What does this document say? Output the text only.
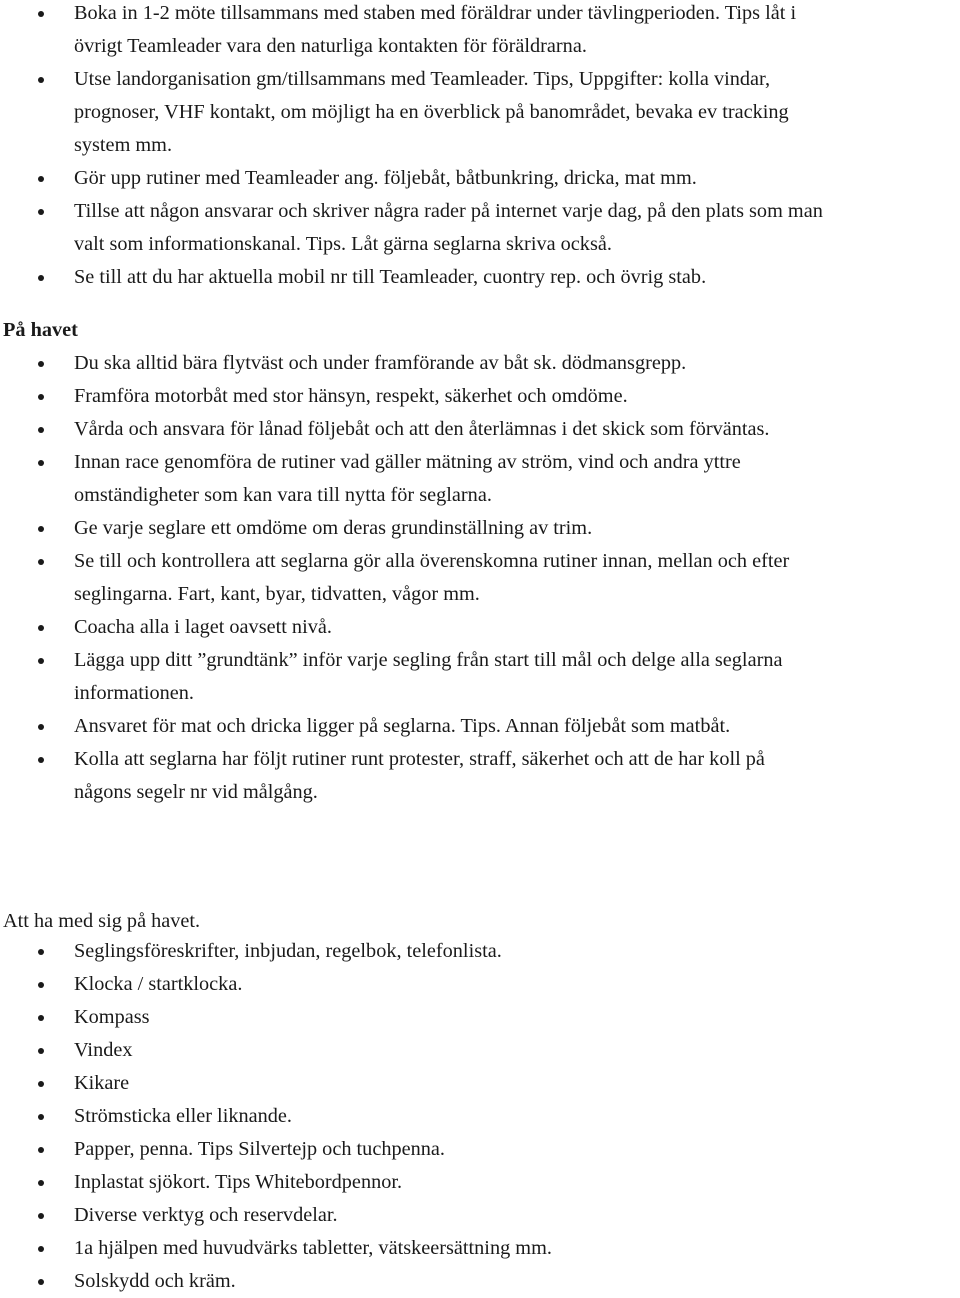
Boka in 1-2 möte tillsammans med staben med föräldrar under tävlingperioden. Tips låt i
övrigt Teamleader vara den naturliga kontakten för föräldrarna.
Utse landorganisation gm/tillsammans med Teamleader. Tips, Uppgifter: kolla vindar,
prognoser, VHF kontakt, om möjligt ha en överblick på banområdet, bevaka ev tracking
system mm.
Gör upp rutiner med Teamleader ang. följebåt, båtbunkring, dricka, mat mm.
Tillse att någon ansvarar och skriver några rader på internet varje dag, på den plats som man
valt som informationskanal. Tips. Låt gärna seglarna skriva också.
Se till att du har aktuella mobil nr till Teamleader, cuontry rep. och övrig stab.
På havet
Du ska alltid bära flytväst och under framförande av båt sk. dödmansgrepp.
Framföra motorbåt med stor hänsyn, respekt, säkerhet och omdöme.
Vårda och ansvara för lånad följebåt och att den återlämnas i det skick som förväntas.
Innan race genomföra de rutiner vad gäller mätning av ström, vind och andra yttre
omständigheter som kan vara till nytta för seglarna.
Ge varje seglare ett omdöme om deras grundinställning av trim.
Se till och kontrollera att seglarna gör alla överenskomna rutiner innan, mellan och efter
seglingarna. Fart, kant, byar, tidvatten, vågor mm.
Coacha alla i laget oavsett nivå.
Lägga upp ditt ”grundtänk” inför varje segling från start till mål och delge alla seglarna
informationen.
Ansvaret för mat och dricka ligger på seglarna. Tips. Annan följebåt som matbåt.
Kolla att seglarna har följt rutiner runt protester, straff, säkerhet och att de har koll på
någons segelr nr vid målgång.
Att ha med sig på havet.
Seglingsföreskrifter, inbjudan, regelbok, telefonlista.
Klocka / startklocka.
Kompass
Vindex
Kikare
Strömsticka eller liknande.
Papper, penna. Tips Silvertejp och tuchpenna.
Inplastat sjökort. Tips Whitebordpennor.
Diverse verktyg och reservdelar.
1a hjälpen med huvudvärks tabletter, vätskeersättning mm.
Solskydd och kräm.
